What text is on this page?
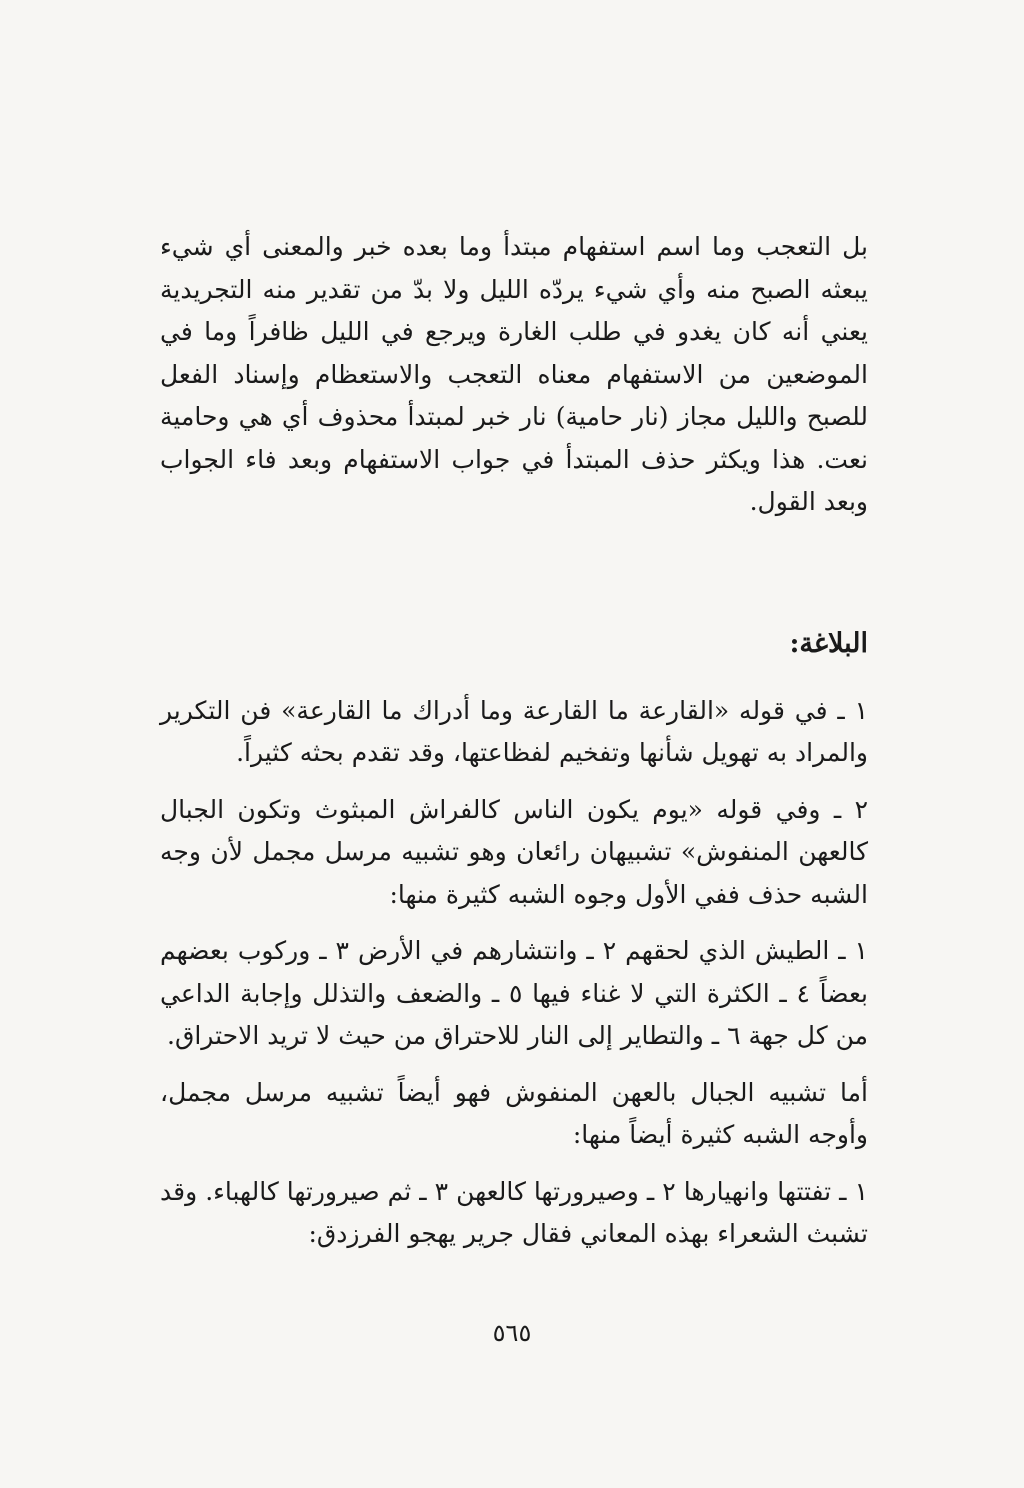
بل التعجب وما اسم استفهام مبتدأ وما بعده خبر والمعنى أي شيء يبعثه الصبح منه وأي شيء يردّه الليل ولا بدّ من تقدير منه التجريدية يعني أنه كان يغدو في طلب الغارة ويرجع في الليل ظافراً وما في الموضعين من الاستفهام معناه التعجب والاستعظام وإسناد الفعل للصبح والليل مجاز (نار حامية) نار خبر لمبتدأ محذوف أي هي وحامية نعت. هذا ويكثر حذف المبتدأ في جواب الاستفهام وبعد فاء الجواب وبعد القول.

البلاغة:

١ ـ في قوله «القارعة ما القارعة وما أدراك ما القارعة» فن التكرير والمراد به تهويل شأنها وتفخيم لفظاعتها، وقد تقدم بحثه كثيراً.

٢ ـ وفي قوله «يوم يكون الناس كالفراش المبثوث وتكون الجبال كالعهن المنفوش» تشبيهان رائعان وهو تشبيه مرسل مجمل لأن وجه الشبه حذف ففي الأول وجوه الشبه كثيرة منها:

١ ـ الطيش الذي لحقهم ٢ ـ وانتشارهم في الأرض ٣ ـ وركوب بعضهم بعضاً ٤ ـ الكثرة التي لا غناء فيها ٥ ـ والضعف والتذلل وإجابة الداعي من كل جهة ٦ ـ والتطاير إلى النار للاحتراق من حيث لا تريد الاحتراق.

أما تشبيه الجبال بالعهن المنفوش فهو أيضاً تشبيه مرسل مجمل، وأوجه الشبه كثيرة أيضاً منها:

١ ـ تفتتها وانهيارها ٢ ـ وصيرورتها كالعهن ٣ ـ ثم صيرورتها كالهباء. وقد تشبث الشعراء بهذه المعاني فقال جرير يهجو الفرزدق:

٥٦٥
